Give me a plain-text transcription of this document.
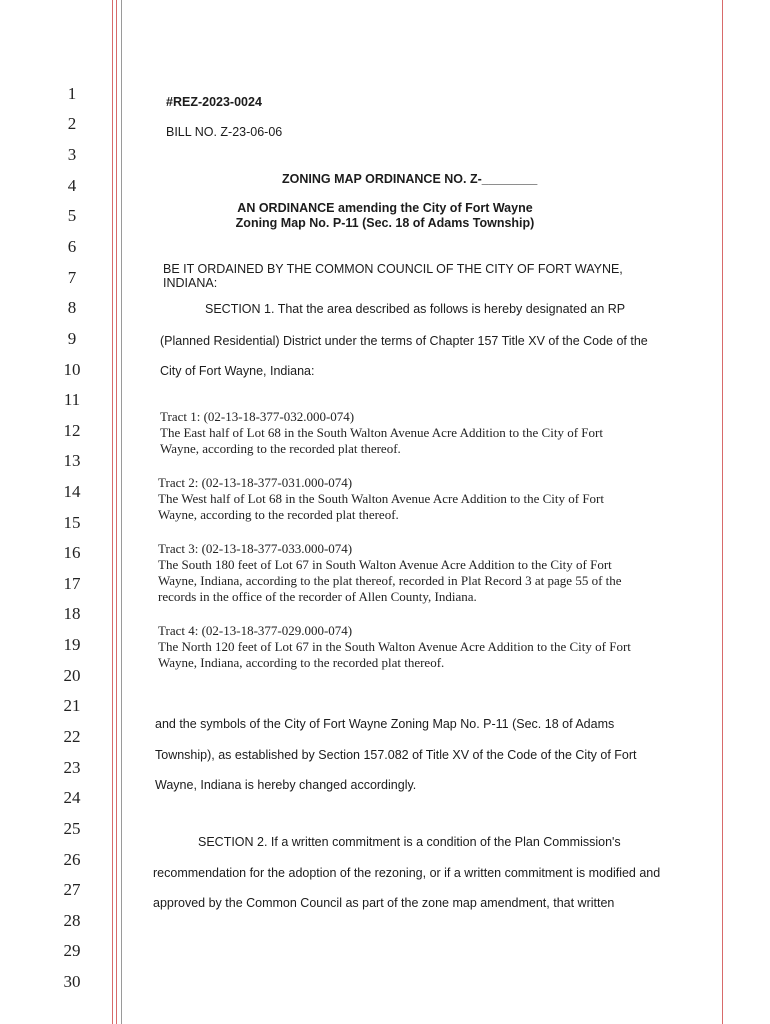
1
2
3
4
5
6
7
8
9
10
11
12
13
14
15
16
17
18
19
20
21
22
23
24
25
26
27
28
29
30
#REZ-2023-0024
BILL NO. Z-23-06-06
ZONING MAP ORDINANCE NO. Z-________
AN ORDINANCE amending the City of Fort Wayne
Zoning Map No. P-11 (Sec. 18 of Adams Township)
BE IT ORDAINED BY THE COMMON COUNCIL OF THE CITY OF FORT WAYNE,
INDIANA:
SECTION 1. That the area described as follows is hereby designated an RP
(Planned Residential) District under the terms of Chapter 157 Title XV of the Code of the
City of Fort Wayne, Indiana:
Tract 1: (02-13-18-377-032.000-074)
The East half of Lot 68 in the South Walton Avenue Acre Addition to the City of Fort
Wayne, according to the recorded plat thereof.
Tract 2: (02-13-18-377-031.000-074)
The West half of Lot 68 in the South Walton Avenue Acre Addition to the City of Fort
Wayne, according to the recorded plat thereof.
Tract 3: (02-13-18-377-033.000-074)
The South 180 feet of Lot 67 in South Walton Avenue Acre Addition to the City of Fort
Wayne, Indiana, according to the plat thereof, recorded in Plat Record 3 at page 55 of the
records in the office of the recorder of Allen County, Indiana.
Tract 4: (02-13-18-377-029.000-074)
The North 120 feet of Lot 67 in the South Walton Avenue Acre Addition to the City of Fort
Wayne, Indiana, according to the recorded plat thereof.
and the symbols of the City of Fort Wayne Zoning Map No. P-11 (Sec. 18 of Adams
Township), as established by Section 157.082 of Title XV of the Code of the City of Fort
Wayne, Indiana is hereby changed accordingly.
SECTION 2. If a written commitment is a condition of the Plan Commission's
recommendation for the adoption of the rezoning, or if a written commitment is modified and
approved by the Common Council as part of the zone map amendment, that written
